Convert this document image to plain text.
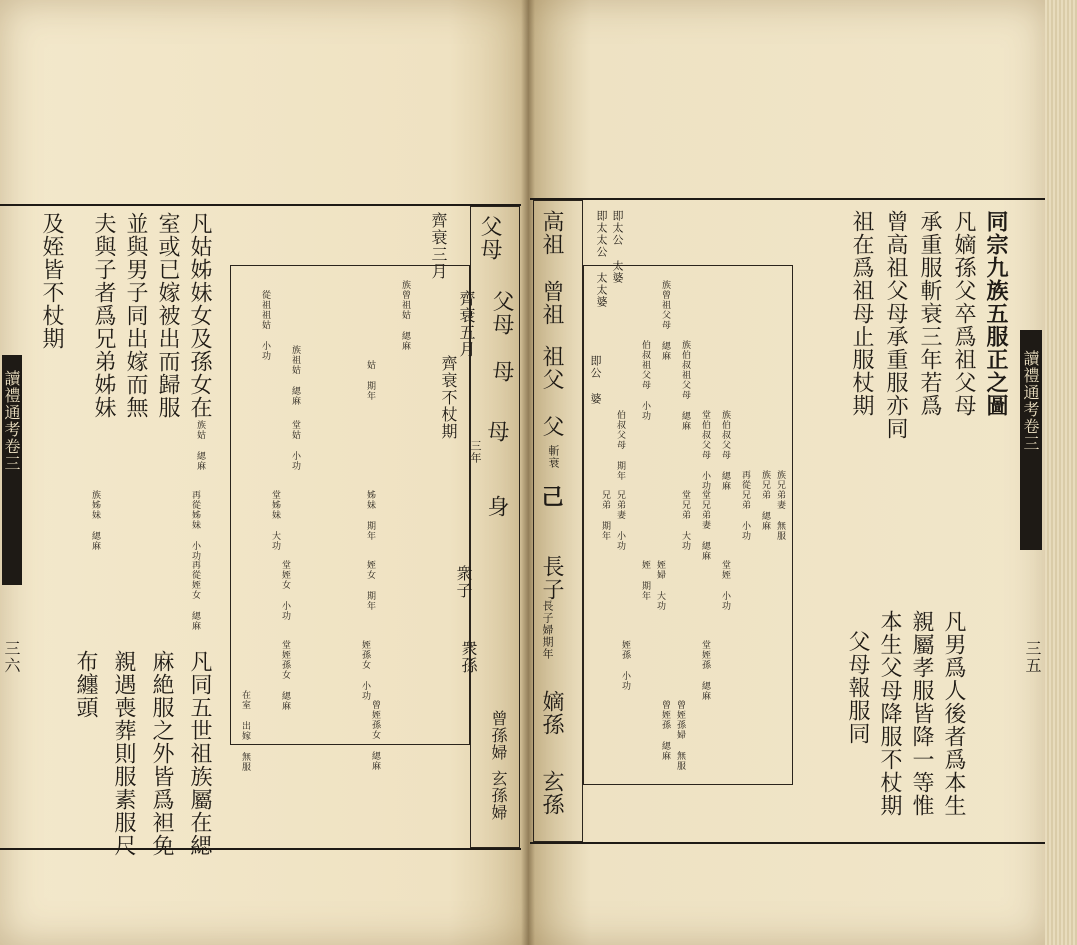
讀禮通考卷三
讀禮通考卷三
三五
三六
同宗九族五服正之圖
凡嫡孫父卒爲祖父母
承重服斬衰三年若爲
曾高祖父母承重服亦同
祖在爲祖母止服杖期
凡男爲人後者爲本生
親屬孝服皆降一等惟
本生父母降服不杖期
父母報服同
凡姑姊妹女及孫女在
室或已嫁被出而歸服
並與男子同出嫁而無
夫與子者爲兄弟姊妹
及姪皆不杖期
凡同五世祖族屬在緦
麻絶服之外皆爲袒免
親遇喪葬則服素服尺
布纏頭
高祖
曾祖
祖父
父
斬衰
己
長子
長子婦期年
嫡孫
玄孫
齊衰三月 父母
齊衰五月 父母
齊衰不杖期 母
母
三年
身
衆子
衆孫
曾孫婦
玄孫婦
即太太公 太太婆 即太公 太婆
即公 婆
族曾祖父母 緦麻
族伯叔祖父母 緦麻
族伯叔父母 緦麻
族兄弟 緦麻 族兄弟妻 無服
伯叔祖父母 小功
堂伯叔父母 小功
再從兄弟 小功
伯叔父母 期年
堂兄弟 大功 堂兄弟妻 緦麻
兄弟 期年 兄弟妻 小功
姪 期年 姪婦 大功	堂姪 小功
姪孫 小功	堂姪孫 緦麻
曾姪孫 緦麻 曾姪孫婦 無服
族曾祖姑 緦麻
族祖姑 緦麻
族姑 緦麻
族姊妹 緦麻
從祖祖姑 小功
堂姑 小功
再從姊妹 小功
姑 期年
堂姊妹 大功
再從姪女 緦麻
姊妹 期年
姪女 期年
堂姪女 小功
姪孫女 小功
堂姪孫女 緦麻
曾姪孫女 緦麻
在室 出嫁 無服
